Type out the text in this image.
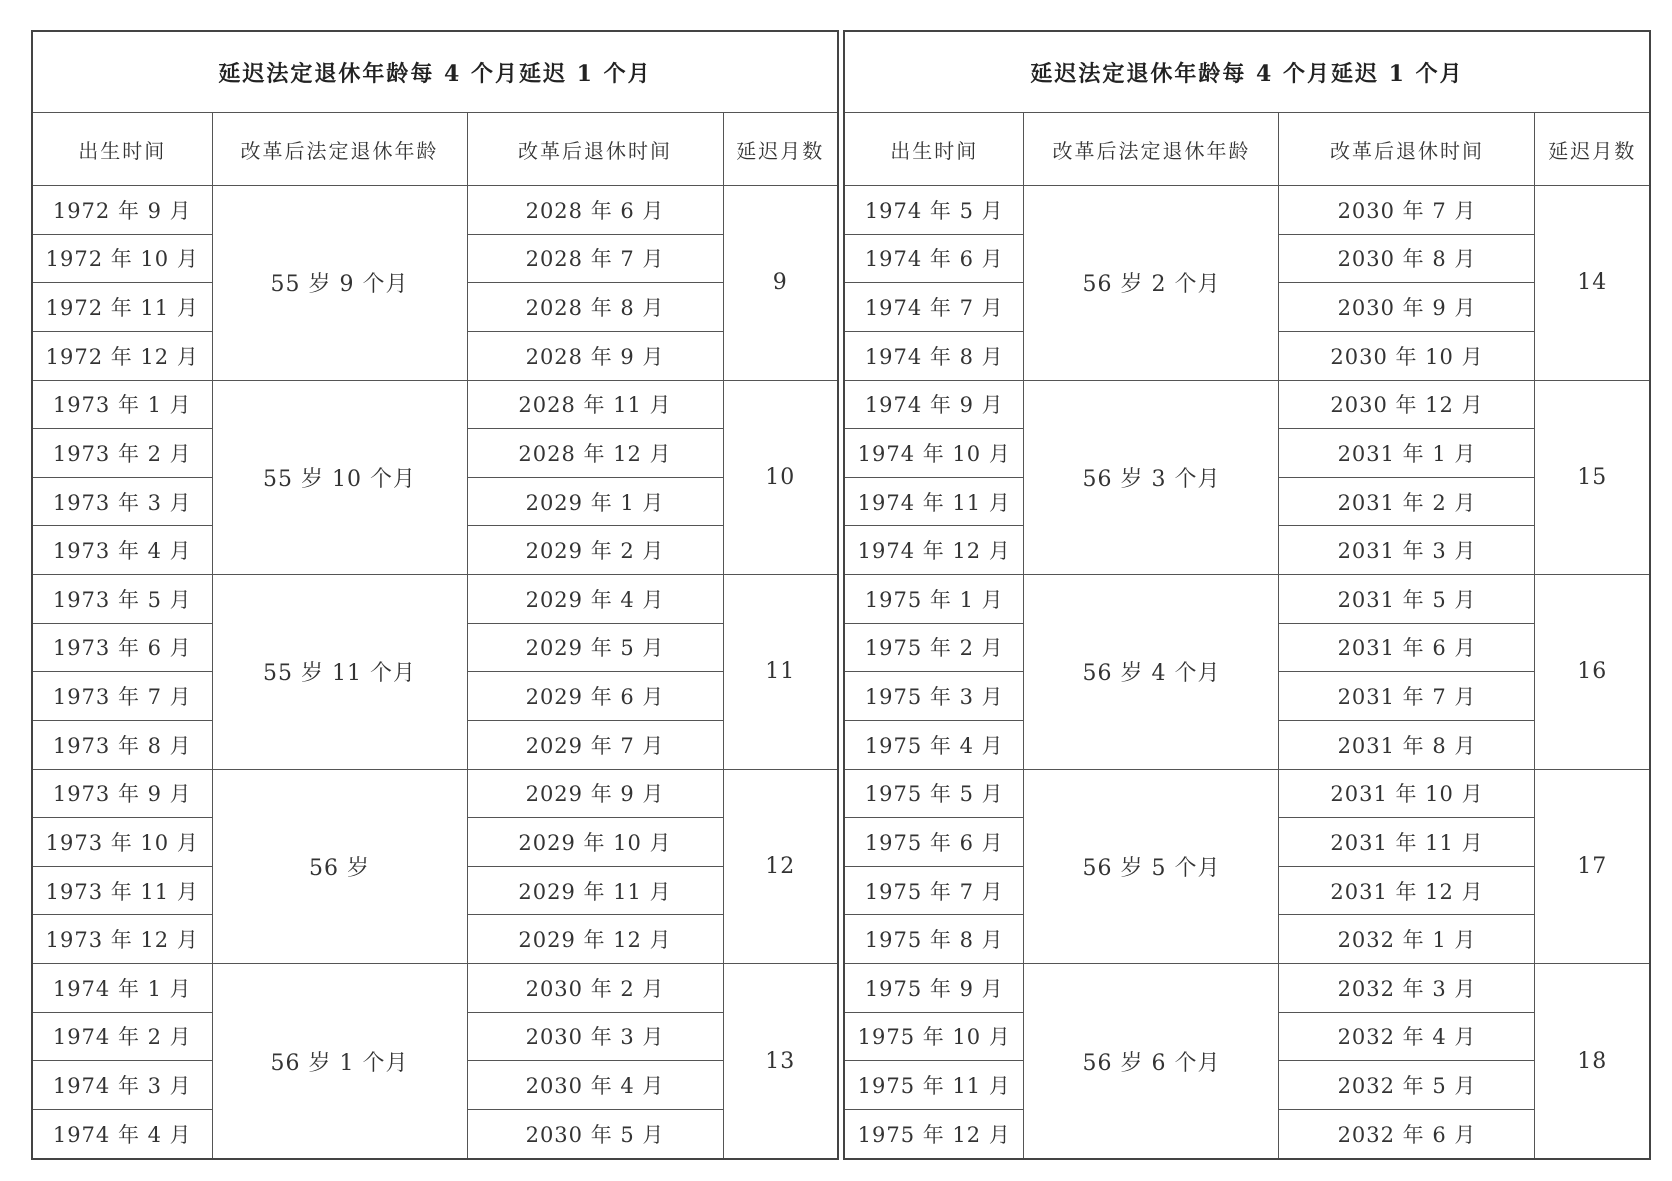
延迟法定退休年龄每 4 个月延迟 1 个月			
出生时间	改革后法定退休年龄	改革后退休时间	延迟月数
1972 年 9 月	55 岁 9 个月	2028 年 6 月	9
1972 年 10 月		2028 年 7 月	
1972 年 11 月		2028 年 8 月	
1972 年 12 月		2028 年 9 月	
1973 年 1 月	55 岁 10 个月	2028 年 11 月	10
1973 年 2 月		2028 年 12 月	
1973 年 3 月		2029 年 1 月	
1973 年 4 月		2029 年 2 月	
1973 年 5 月	55 岁 11 个月	2029 年 4 月	11
1973 年 6 月		2029 年 5 月	
1973 年 7 月		2029 年 6 月	
1973 年 8 月		2029 年 7 月	
1973 年 9 月	56 岁	2029 年 9 月	12
1973 年 10 月		2029 年 10 月	
1973 年 11 月		2029 年 11 月	
1973 年 12 月		2029 年 12 月	
1974 年 1 月	56 岁 1 个月	2030 年 2 月	13
1974 年 2 月		2030 年 3 月	
1974 年 3 月		2030 年 4 月	
1974 年 4 月		2030 年 5 月	
延迟法定退休年龄每 4 个月延迟 1 个月			
出生时间	改革后法定退休年龄	改革后退休时间	延迟月数
1974 年 5 月	56 岁 2 个月	2030 年 7 月	14
1974 年 6 月		2030 年 8 月	
1974 年 7 月		2030 年 9 月	
1974 年 8 月		2030 年 10 月	
1974 年 9 月	56 岁 3 个月	2030 年 12 月	15
1974 年 10 月		2031 年 1 月	
1974 年 11 月		2031 年 2 月	
1974 年 12 月		2031 年 3 月	
1975 年 1 月	56 岁 4 个月	2031 年 5 月	16
1975 年 2 月		2031 年 6 月	
1975 年 3 月		2031 年 7 月	
1975 年 4 月		2031 年 8 月	
1975 年 5 月	56 岁 5 个月	2031 年 10 月	17
1975 年 6 月		2031 年 11 月	
1975 年 7 月		2031 年 12 月	
1975 年 8 月		2032 年 1 月	
1975 年 9 月	56 岁 6 个月	2032 年 3 月	18
1975 年 10 月		2032 年 4 月	
1975 年 11 月		2032 年 5 月	
1975 年 12 月		2032 年 6 月	
